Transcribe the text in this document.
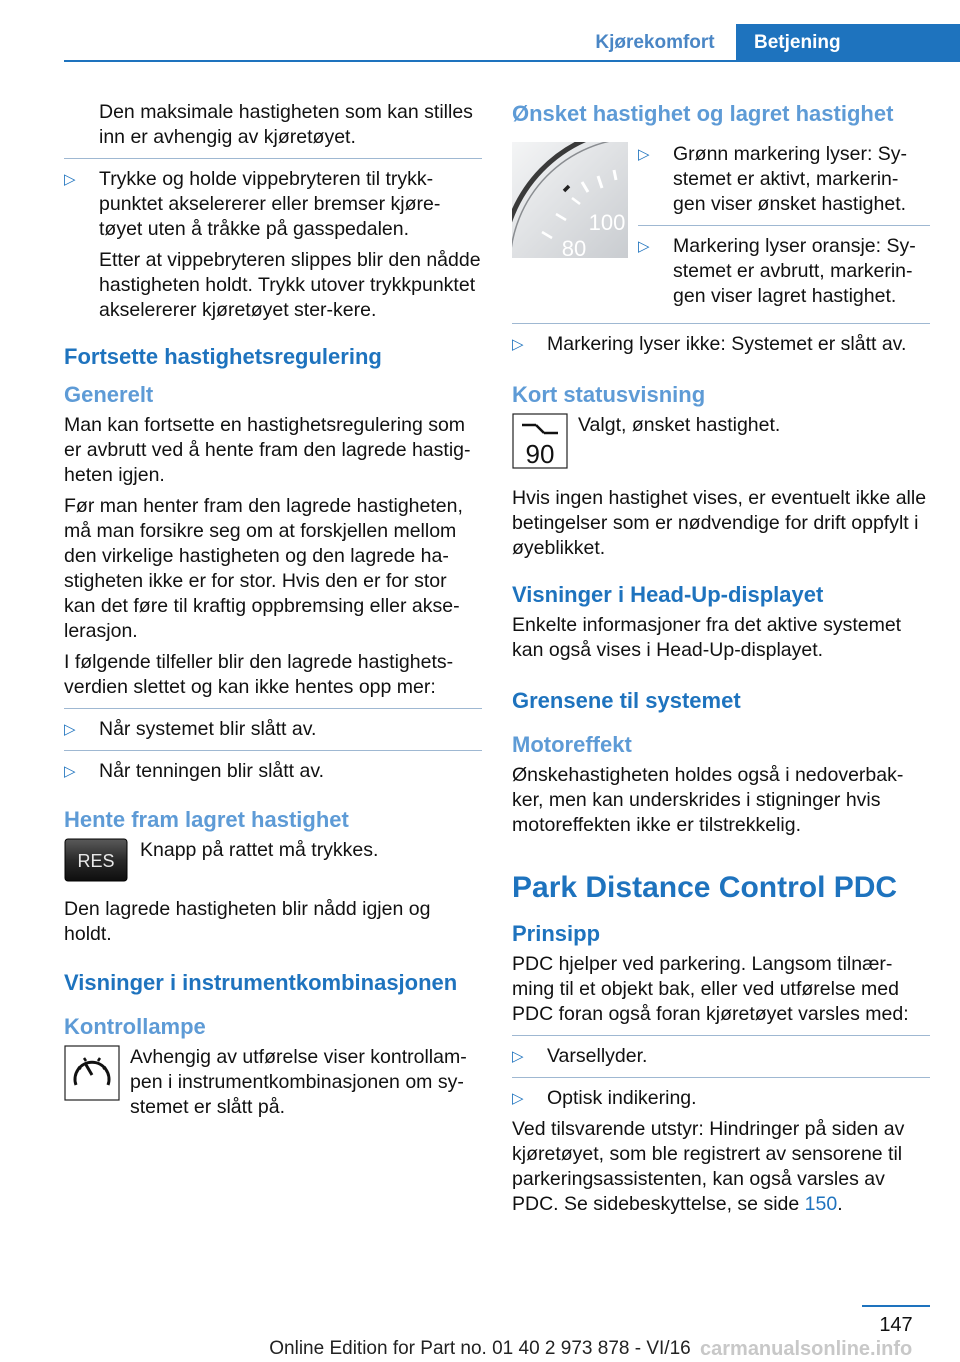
Kjørekomfort	Betjening

Den maksimale hastigheten som kan stilles inn er avhengig av kjøretøyet.

▷	Trykke og holde vippebryteren til trykk-punktet akselererer eller bremser kjøre-tøyet uten å tråkke på gasspedalen.

Etter at vippebryteren slippes blir den nådde hastigheten holdt. Trykk utover trykkpunktet akselererer kjøretøyet ster-kere.

Fortsette hastighetsregulering
Generelt

Man kan fortsette en hastighetsregulering som er avbrutt ved å hente fram den lagrede hastig-heten igjen.

Før man henter fram den lagrede hastigheten, må man forsikre seg om at forskjellen mellom den virkelige hastigheten og den lagrede ha-stigheten ikke er for stor. Hvis den er for stor kan det føre til kraftig oppbremsing eller akse-lerasjon.

I følgende tilfeller blir den lagrede hastighets-verdien slettet og kan ikke hentes opp mer:

▷	Når systemet blir slått av.
▷	Når tenningen blir slått av.
Hente fram lagret hastighet
RES Knapp på rattet må trykkes.

Den lagrede hastigheten blir nådd igjen og holdt.

Visninger i instrumentkombinasjonen
Kontrollampe
Avhengig av utførelse viser kontrollam-pen i instrumentkombinasjonen om sy-stemet er slått på.
Ønsket hastighet og lagret hastighet
100
80
▷	Grønn markering lyser: Sy-stemet er aktivt, markerin-gen viser ønsket hastighet.
▷	Markering lyser oransje: Sy-stemet er avbrutt, markerin-gen viser lagret hastighet.
▷	Markering lyser ikke: Systemet er slått av.
Kort statusvisning
90
Valgt, ønsket hastighet.

Hvis ingen hastighet vises, er eventuelt ikke alle betingelser som er nødvendige for drift oppfylt i øyeblikket.

Visninger i Head-Up-displayet

Enkelte informasjoner fra det aktive systemet kan også vises i Head-Up-displayet.

Grensene til systemet
Motoreffekt

Ønskehastigheten holdes også i nedoverbak-ker, men kan underskrides i stigninger hvis motoreffekten ikke er tilstrekkelig.

Park Distance Control PDC
Prinsipp

PDC hjelper ved parkering. Langsom tilnær-ming til et objekt bak, eller ved utførelse med PDC foran også foran kjøretøyet varsles med:

▷	Varsellyder.
▷	Optisk indikering.

Ved tilsvarende utstyr: Hindringer på siden av kjøretøyet, som ble registrert av sensorene til parkeringsassistenten, kan også varsles av PDC. Se sidebeskyttelse, se side 150.

147
Online Edition for Part no. 01 40 2 973 878 - VI/16 carmanualsonline.info
